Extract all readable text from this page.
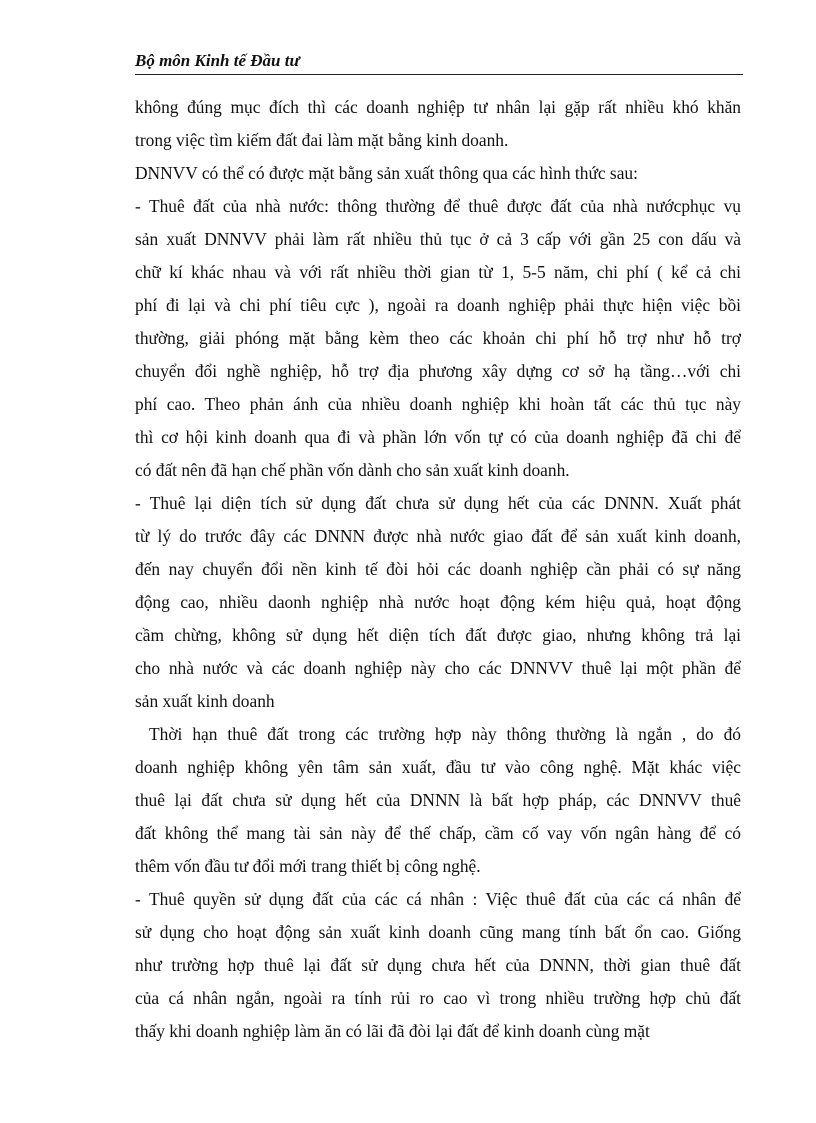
Bộ môn Kinh tế Đầu tư
không đúng mục đích thì các doanh nghiệp tư nhân lại gặp rất nhiều khó khăn
trong việc tìm kiếm đất đai làm mặt bằng kinh doanh.
DNNVV có thể có được mặt bằng sản xuất thông qua các hình thức sau:
- Thuê đất của nhà nước: thông thường để thuê được đất của nhà nướcphục vụ
sản xuất DNNVV phải làm rất nhiều thủ tục ở cả 3 cấp với gần 25 con dấu và
chữ kí khác nhau và với rất nhiều thời gian từ 1, 5-5 năm, chi phí ( kể cả chi
phí đi lại và chi phí tiêu cực ), ngoài ra doanh nghiệp phải thực hiện việc bồi
thường, giải phóng mặt bằng kèm theo các khoản chi phí hỗ trợ như hỗ trợ
chuyển đổi nghề nghiệp, hỗ trợ địa phương xây dựng cơ sở hạ tầng…với chi
phí cao. Theo phản ánh của nhiều doanh nghiệp khi hoàn tất các thủ tục này
thì cơ hội kinh doanh qua đi và phần lớn vốn tự có của doanh nghiệp đã chi để
có đất nên đã hạn chế phần vốn dành cho sản xuất kinh doanh.
- Thuê lại diện tích sử dụng đất chưa sử dụng hết của các DNNN. Xuất phát
từ lý do trước đây các DNNN được nhà nước giao đất để sản xuất kinh doanh,
đến nay chuyển đổi nền kinh tế đòi hỏi các doanh nghiệp cần phải có sự năng
động cao, nhiều daonh nghiệp nhà nước hoạt động kém hiệu quả, hoạt động
cầm chừng, không sử dụng hết diện tích đất được giao, nhưng không trả lại
cho nhà nước và các doanh nghiệp này cho các DNNVV thuê lại một phần để
sản xuất kinh doanh
Thời hạn thuê đất trong các trường hợp này thông thường là ngắn , do đó
doanh nghiệp không yên tâm sản xuất, đầu tư vào công nghệ. Mặt khác việc
thuê lại đất chưa sử dụng hết của DNNN là bất hợp pháp, các DNNVV thuê
đất không thể mang tài sản này để thế chấp, cầm cố vay vốn ngân hàng để có
thêm vốn đầu tư đổi mới trang thiết bị công nghệ.
- Thuê quyền sử dụng đất của các cá nhân : Việc thuê đất của các cá nhân để
sử dụng cho hoạt động sản xuất kinh doanh cũng mang tính bất ổn cao. Giống
như trường hợp thuê lại đất sử dụng chưa hết của DNNN, thời gian thuê đất
của cá nhân ngắn, ngoài ra tính rủi ro cao vì trong nhiều trường hợp chủ đất
thấy khi doanh nghiệp làm ăn có lãi đã đòi lại đất để kinh doanh cùng mặt
